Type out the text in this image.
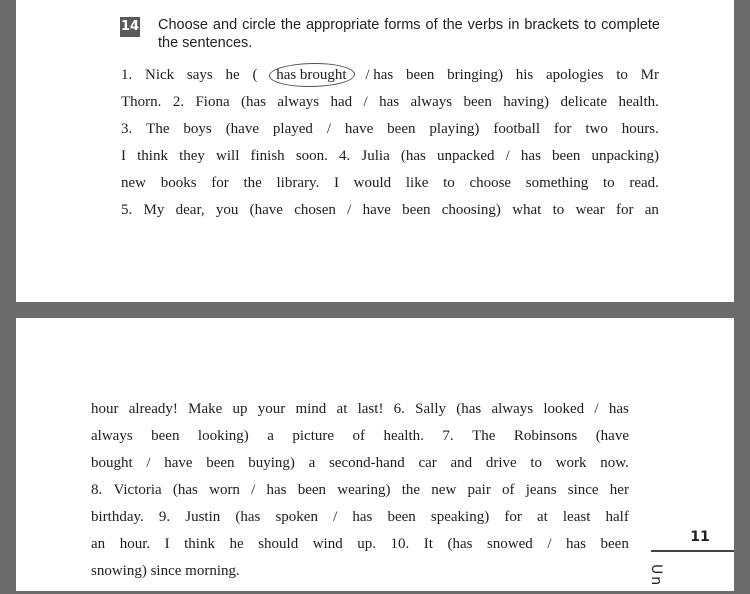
14 Choose and circle the appropriate forms of the verbs in brackets to complete the sentences.
1. Nick says he (	has brought	/ has been bringing) his apologies to Mr
Thorn. 2. Fiona (has always had / has always been having) delicate health.
3. The boys (have played / have been playing) football for two hours.
I think they will finish soon. 4. Julia (has unpacked / has been unpacking)
new books for the library. I would like to choose something to read.
5. My dear, you (have chosen / have been choosing) what to wear for an
hour already! Make up your mind at last! 6. Sally (has always looked / has
always been looking) a picture of health. 7. The Robinsons (have
bought / have been buying) a second-hand car and drive to work now.
8. Victoria (has worn / has been wearing) the new pair of jeans since her
birthday. 9. Justin (has spoken / has been speaking) for at least half
an hour. I think he should wind up. 10. It (has snowed / has been
snowing) since morning.
11
Un
